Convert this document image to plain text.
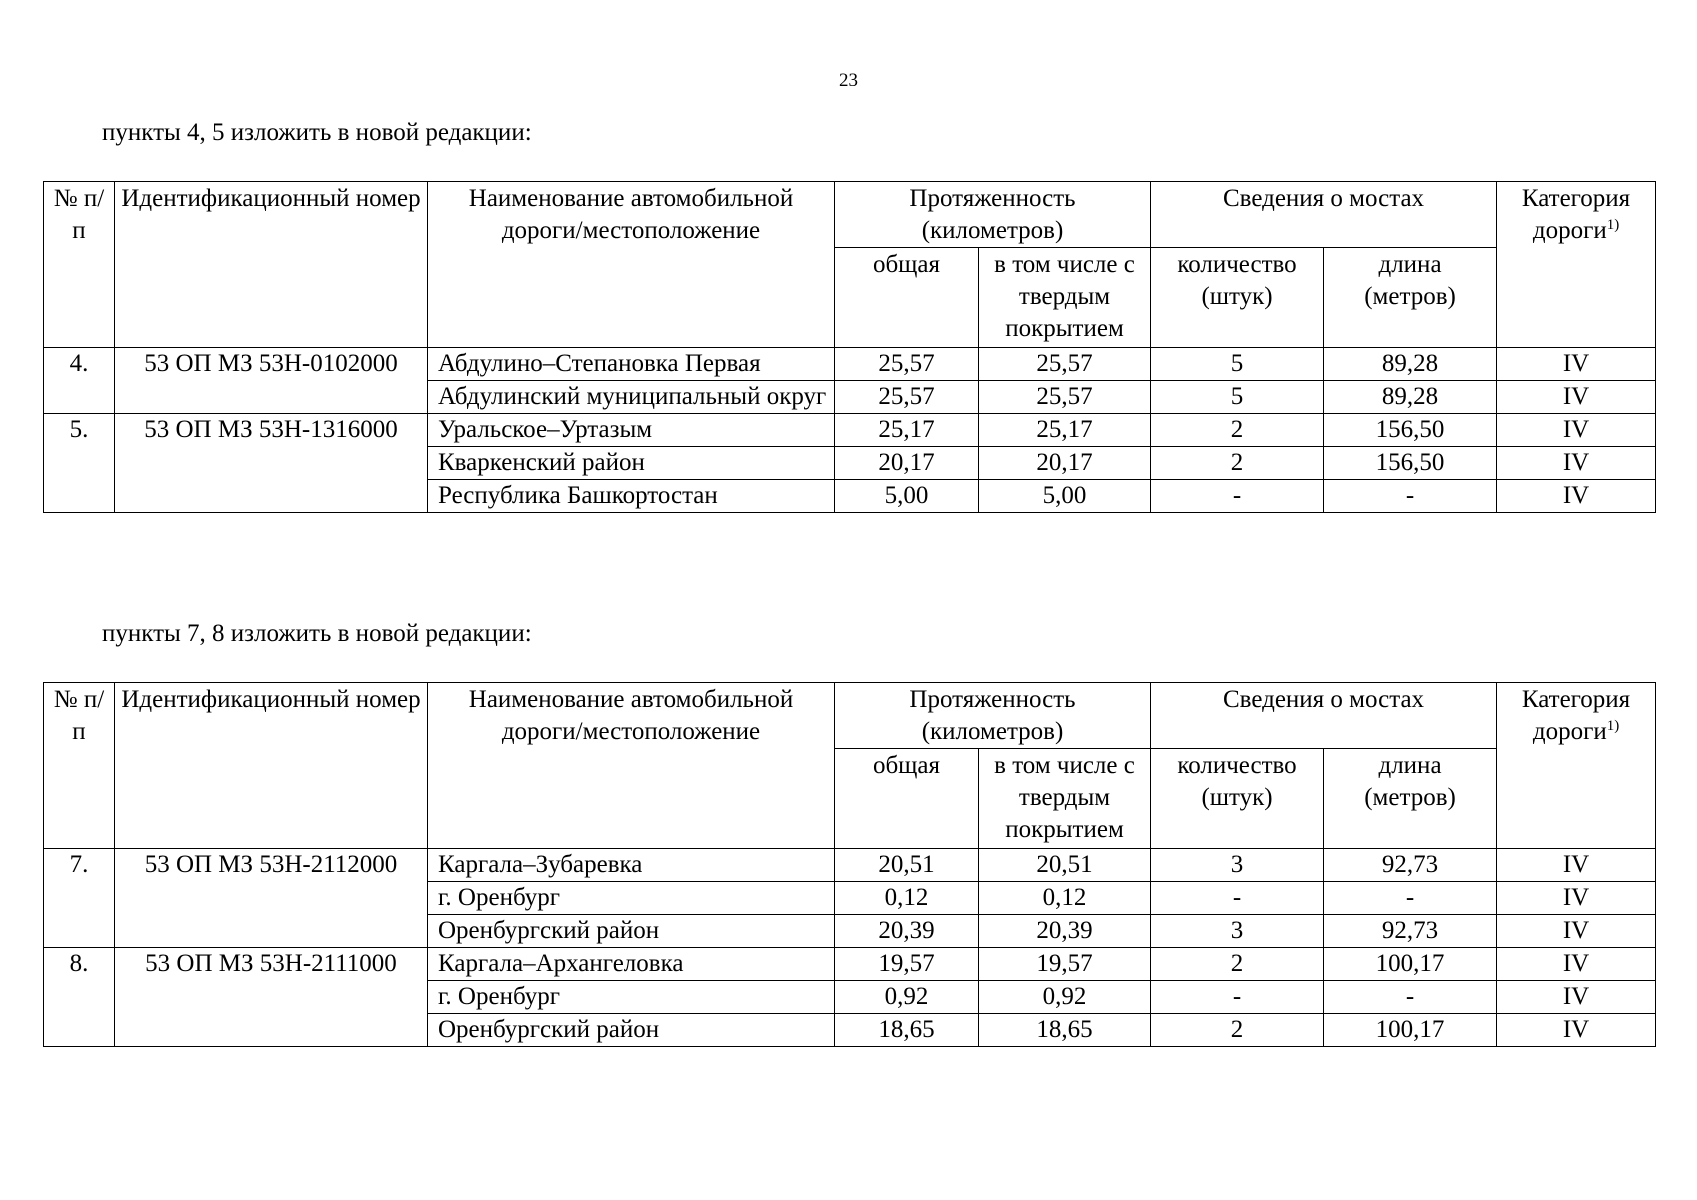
23
пункты 4, 5 изложить в новой редакции:
№ п/п	Идентификационный номер	Наименование автомобильной дороги/местоположение	Протяженность (километров)		Сведения о мостах		Категория дороги$^{1)}$
			общая	в том числе с твердым покрытием	количество (штук)	длина (метров)	
4.	53 ОП МЗ 53Н-0102000	Абдулино–Степановка Первая	25,57	25,57	5	89,28	IV
		Абдулинский муниципальный округ	25,57	25,57	5	89,28	IV
5.	53 ОП МЗ 53Н-1316000	Уральское–Уртазым	25,17	25,17	2	156,50	IV
		Кваркенский район	20,17	20,17	2	156,50	IV
		Республика Башкортостан	5,00	5,00	-	-	IV
пункты 7, 8 изложить в новой редакции:
№ п/п	Идентификационный номер	Наименование автомобильной дороги/местоположение	Протяженность (километров)		Сведения о мостах		Категория дороги$^{1)}$
			общая	в том числе с твердым покрытием	количество (штук)	длина (метров)	
7.	53 ОП МЗ 53Н-2112000	Каргала–Зубаревка	20,51	20,51	3	92,73	IV
		г. Оренбург	0,12	0,12	-	-	IV
		Оренбургский район	20,39	20,39	3	92,73	IV
8.	53 ОП МЗ 53Н-2111000	Каргала–Архангеловка	19,57	19,57	2	100,17	IV
		г. Оренбург	0,92	0,92	-	-	IV
		Оренбургский район	18,65	18,65	2	100,17	IV
